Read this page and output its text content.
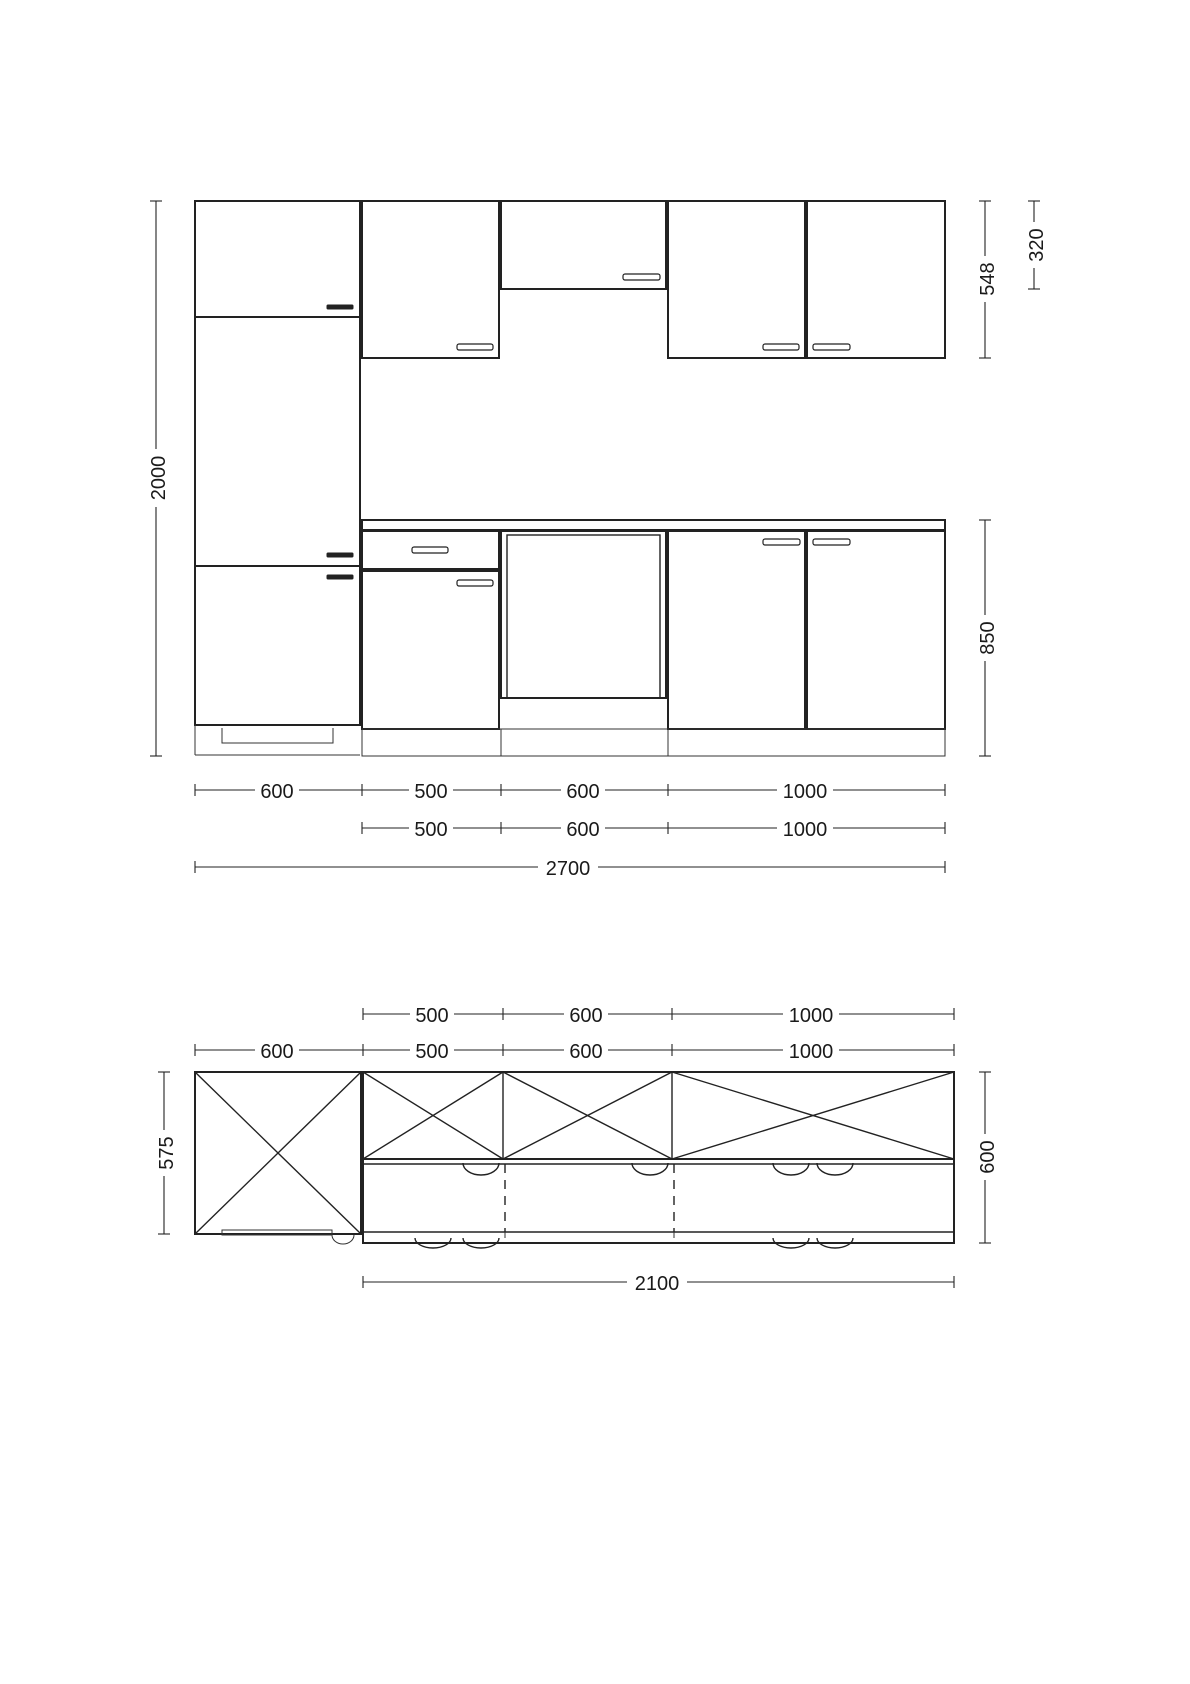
2000
548
320
850
600	500	600	1000
500	600	1000
2700
500	600	1000
600	500	600	1000
575	600
2100
